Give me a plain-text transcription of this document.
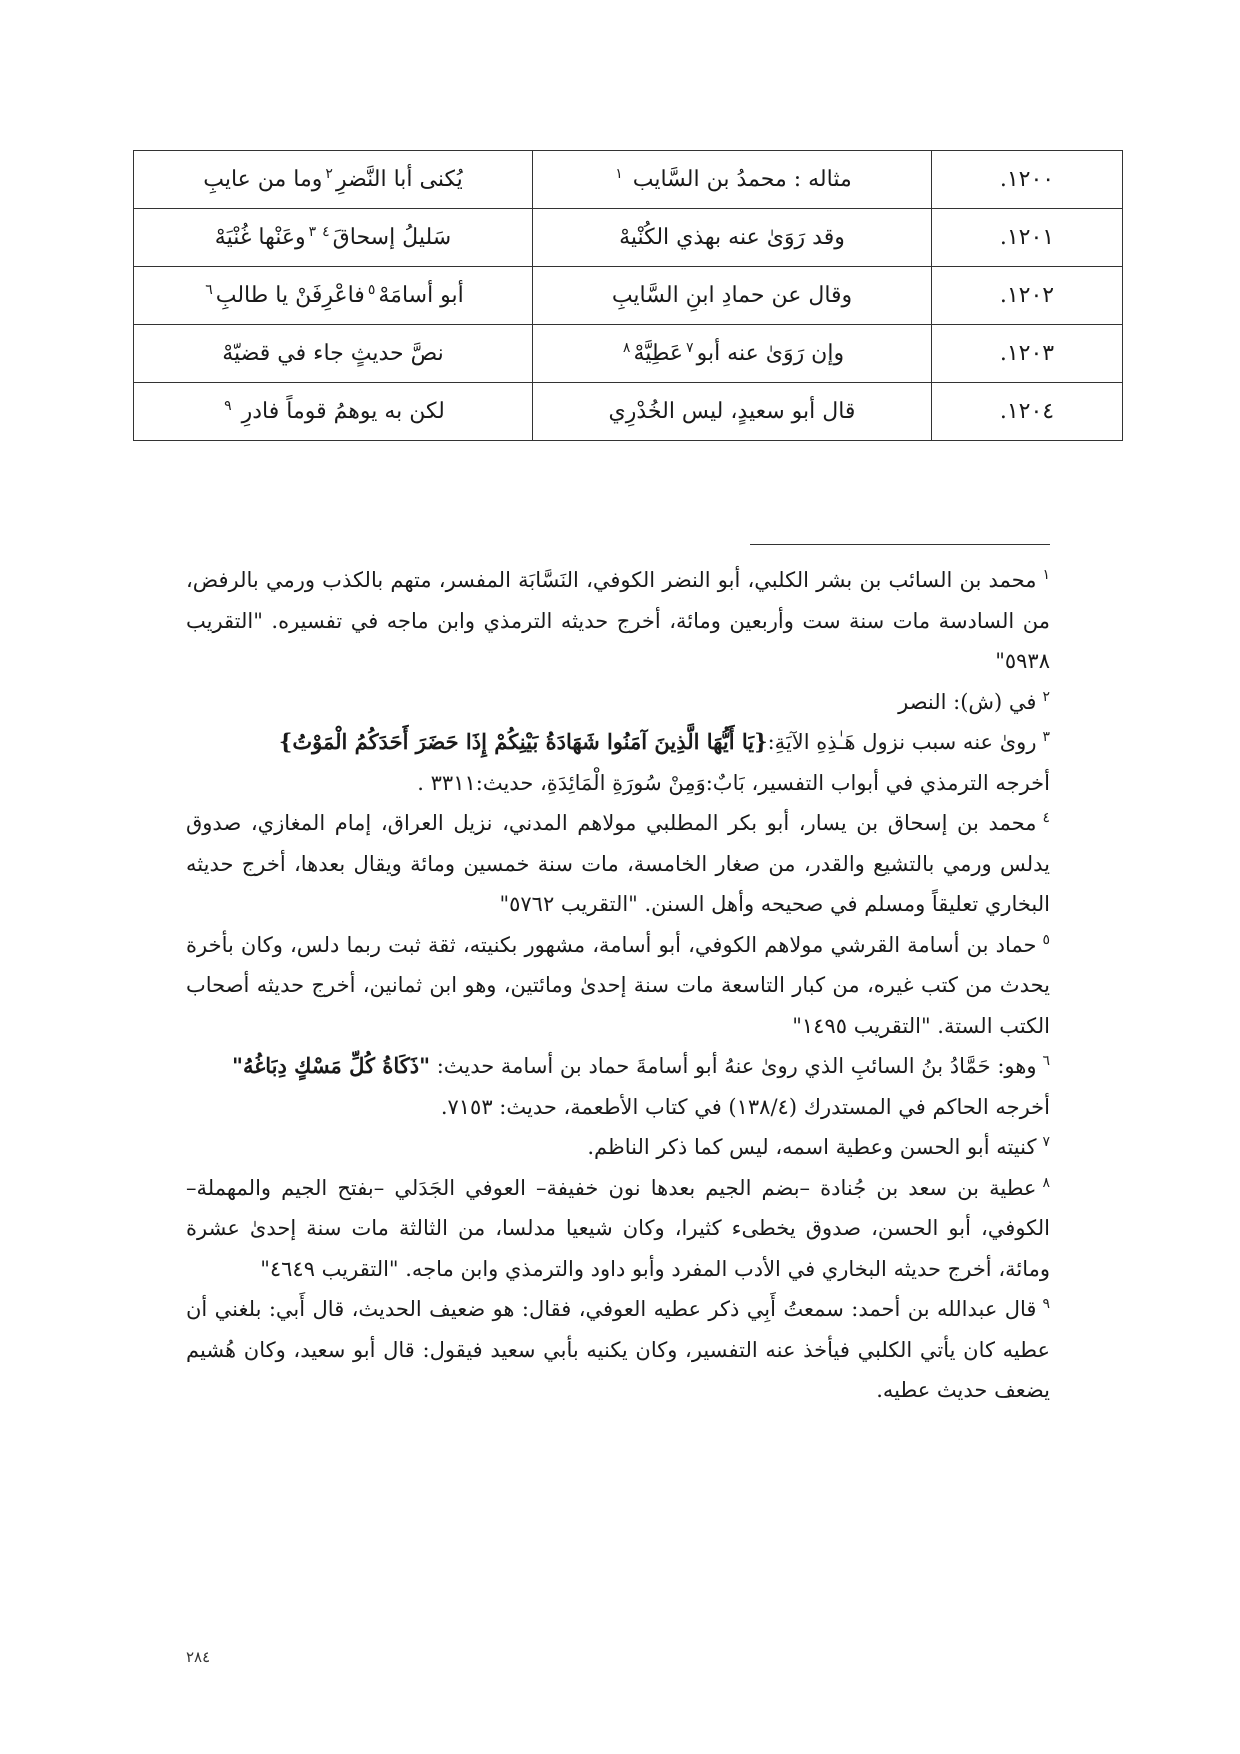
١٢٠٠.	مثاله : محمدُ بن السَّايب $^١$	يُكنى أبا النَّضرِ$^٢$وما من عايبِ
١٢٠١.	وقد رَوَىٰ عنه بهذي الكُنْيهْ	سَليلُ إسحاقَ$^٣$ $^٤$وعَنْها غُنْيَهْ
١٢٠٢.	وقال عن حمادِ ابنِ السَّايبِ	أبو أسامَهْ$^٥$فاعْرِفَنْ يا طالبِ$^٦$
١٢٠٣.	وإن رَوَىٰ عنه أبو$^٧$عَطِيَّهْ$^٨$	نصَّ حديثٍ جاء في قضيّهْ
١٢٠٤.	قال أبو سعيدٍ، ليس الخُدْرِي	لكن به يوهمُ قوماً فادرِ $^٩$

$^١$محمد بن السائب بن بشر الكلبي، أبو النضر الكوفي، النَسَّابَة المفسر، متهم بالكذب ورمي بالرفض، من السادسة مات سنة ست وأربعين ومائة، أخرج حديثه الترمذي وابن ماجه في تفسيره. "التقريب ٥٩٣٨"

$^٢$في (ش): النصر

$^٣$روىٰ عنه سبب نزول هَـٰذِهِ الآيَةِ:{يَا أَيُّهَا الَّذِينَ آمَنُوا شَهَادَةُ بَيْنِكُمْ إِذَا حَضَرَ أَحَدَكُمُ الْمَوْتُ}
أخرجه الترمذي في أبواب التفسير، بَابٌ:وَمِنْ سُورَةِ الْمَائِدَةِ، حديث:٣٣١١ .

$^٤$محمد بن إسحاق بن يسار، أبو بكر المطلبي مولاهم المدني، نزيل العراق، إمام المغازي، صدوق يدلس ورمي بالتشيع والقدر، من صغار الخامسة، مات سنة خمسين ومائة ويقال بعدها، أخرج حديثه البخاري تعليقاً ومسلم في صحيحه وأهل السنن. "التقريب ٥٧٦٢"

$^٥$حماد بن أسامة القرشي مولاهم الكوفي، أبو أسامة، مشهور بكنيته، ثقة ثبت ربما دلس، وكان بأخرة يحدث من كتب غيره، من كبار التاسعة مات سنة إحدىٰ ومائتين، وهو ابن ثمانين، أخرج حديثه أصحاب الكتب الستة. "التقريب ١٤٩٥"

$^٦$وهو: حَمَّادُ بنُ السائبِ الذي روىٰ عنهُ أبو أسامةَ حماد بن أسامة حديث: "ذَكَاةُ كُلِّ مَسْكٍ دِبَاغُهُ"
أخرجه الحاكم في المستدرك (١٣٨/٤) في كتاب الأطعمة، حديث: ٧١٥٣.

$^٧$كنيته أبو الحسن وعطية اسمه، ليس كما ذكر الناظم.

$^٨$عطية بن سعد بن جُنادة –بضم الجيم بعدها نون خفيفة– العوفي الجَدَلي –بفتح الجيم والمهملة– الكوفي، أبو الحسن، صدوق يخطىء كثيرا، وكان شيعيا مدلسا، من الثالثة مات سنة إحدىٰ عشرة ومائة، أخرج حديثه البخاري في الأدب المفرد وأبو داود والترمذي وابن ماجه. "التقريب ٤٦٤٩"

$^٩$قال عبدالله بن أحمد: سمعتُ أَبِي ذكر عطيه العوفي، فقال: هو ضعيف الحديث، قال أَبي: بلغني أن عطيه كان يأتي الكلبي فيأخذ عنه التفسير، وكان يكنيه بأبي سعيد فيقول: قال أبو سعيد، وكان هُشيم يضعف حديث عطيه.

٢٨٤
